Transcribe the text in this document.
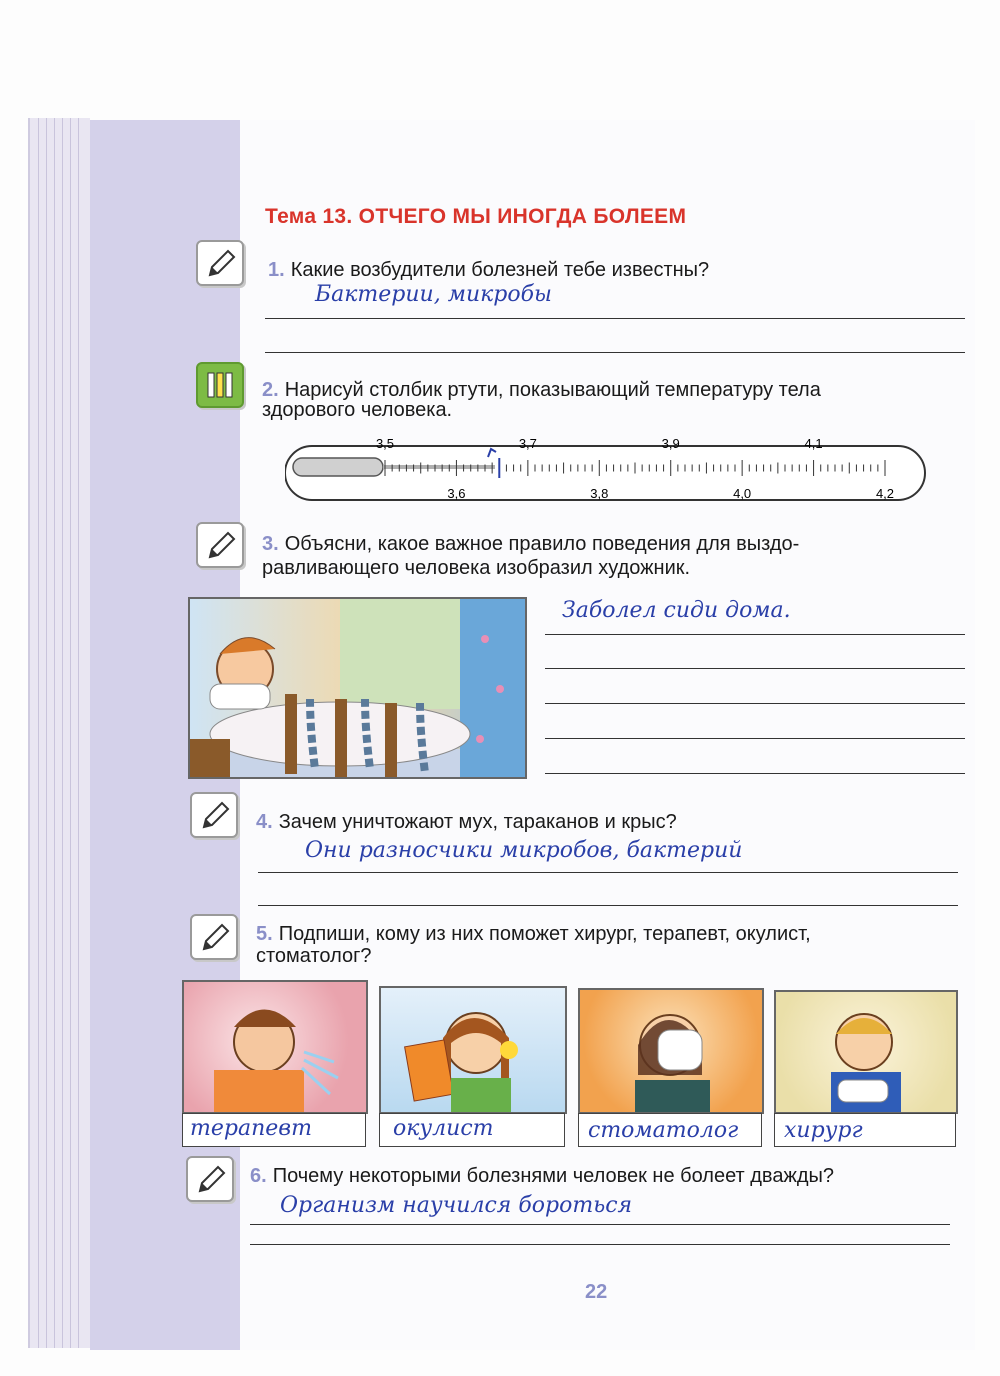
Тема 13. ОТЧЕГО МЫ ИНОГДА БОЛЕЕМ
1. Какие возбудители болезней тебе известны?
Бактерии, микробы
2. Нарисуй столбик ртути, показывающий температуру тела
здорового человека.
3,5	3,7	3,9	4,1
3,6	3,8	4,0	4,2
3. Объясни, какое важное правило поведения для выздо-
равливающего человека изобразил художник.
Заболел сиди дома.
4. Зачем уничтожают мух, тараканов и крыс?
Они разносчики микробов, бактерий
5. Подпиши, кому из них поможет хирург, терапевт, окулист,
стоматолог?
терапевт	окулист	стоматолог хирург
6. Почему некоторыми болезнями человек не болеет дважды?
Организм научился бороться
22
